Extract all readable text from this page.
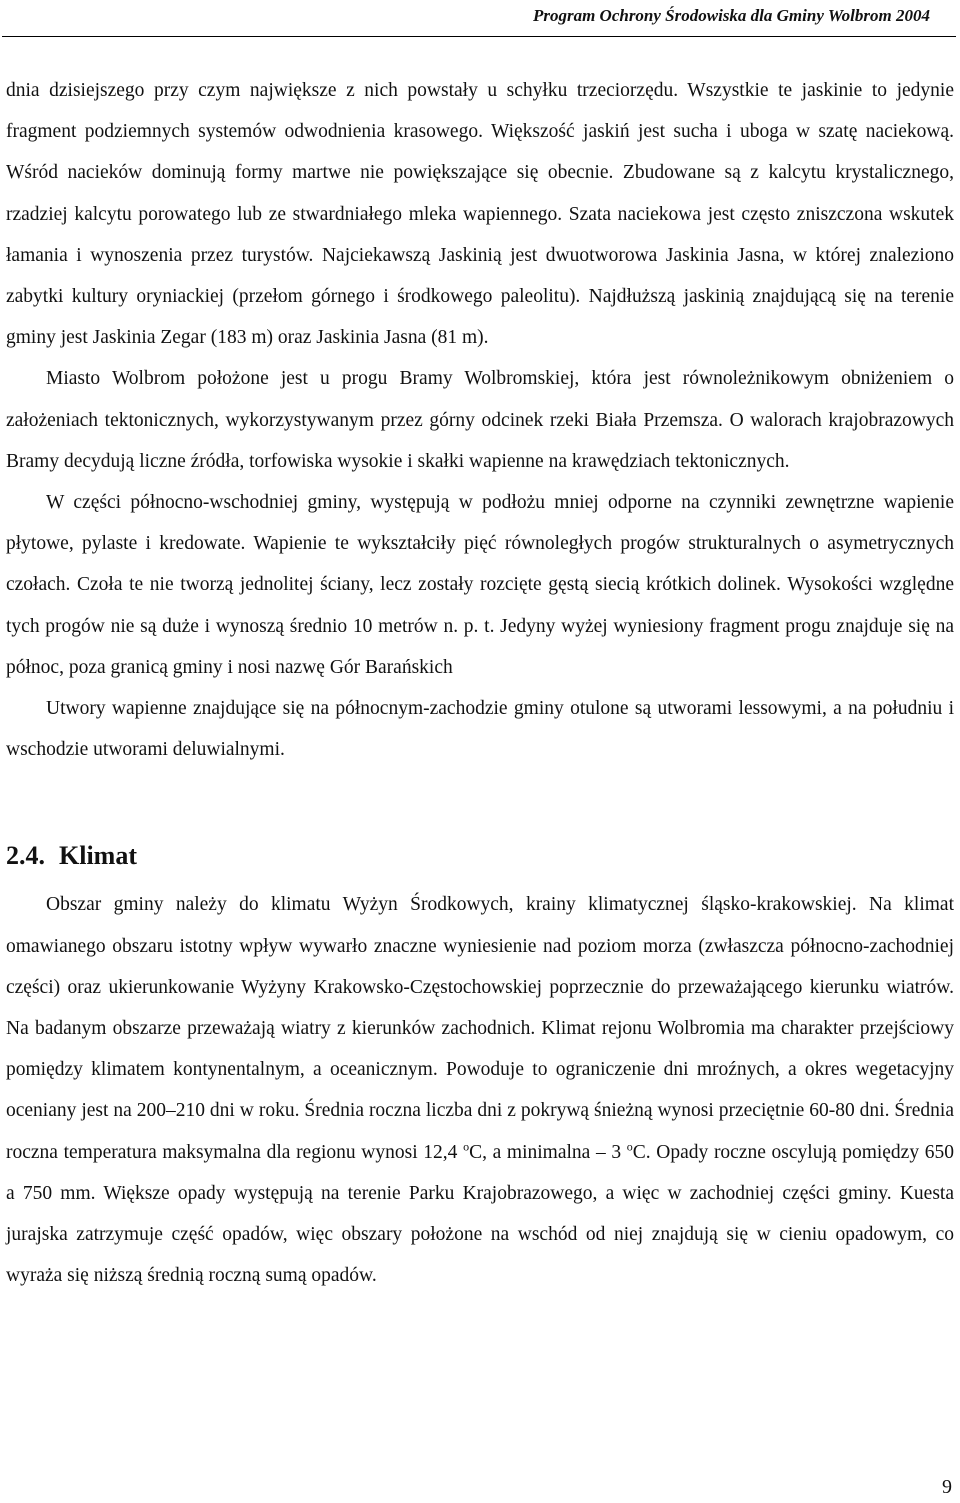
Program Ochrony Środowiska dla Gminy Wolbrom 2004

dnia dzisiejszego przy czym największe z nich powstały u schyłku trzeciorzędu. Wszystkie te jaskinie to jedynie fragment podziemnych systemów odwodnienia krasowego. Większość jaskiń jest sucha i uboga w szatę naciekową. Wśród nacieków dominują formy martwe nie powiększające się obecnie. Zbudowane są z kalcytu krystalicznego, rzadziej kalcytu porowatego lub ze stwardniałego mleka wapiennego. Szata naciekowa jest często zniszczona wskutek łamania i wynoszenia przez turystów. Najciekawszą Jaskinią jest dwuotworowa Jaskinia Jasna, w której znaleziono zabytki kultury oryniackiej (przełom górnego i środkowego paleolitu). Najdłuższą jaskinią znajdującą się na terenie gminy jest Jaskinia Zegar (183 m) oraz Jaskinia Jasna (81 m).

Miasto Wolbrom położone jest u progu Bramy Wolbromskiej, która jest równoleżnikowym obniżeniem o założeniach tektonicznych, wykorzystywanym przez górny odcinek rzeki Biała Przemsza. O walorach krajobrazowych Bramy decydują liczne źródła, torfowiska wysokie i skałki wapienne na krawędziach tektonicznych.

W części północno-wschodniej gminy, występują w podłożu mniej odporne na czynniki zewnętrzne wapienie płytowe, pylaste i kredowate. Wapienie te wykształciły pięć równoległych progów strukturalnych o asymetrycznych czołach. Czoła te nie tworzą jednolitej ściany, lecz zostały rozcięte gęstą siecią krótkich dolinek. Wysokości względne tych progów nie są duże i wynoszą średnio 10 metrów n. p. t. Jedyny wyżej wyniesiony fragment progu znajduje się na północ, poza granicą gminy i nosi nazwę Gór Barańskich

Utwory wapienne znajdujące się na północnym-zachodzie gminy otulone są utworami lessowymi, a na południu i wschodzie utworami deluwialnymi.

2.4. Klimat

Obszar gminy należy do klimatu Wyżyn Środkowych, krainy klimatycznej śląsko-krakowskiej. Na klimat omawianego obszaru istotny wpływ wywarło znaczne wyniesienie nad poziom morza (zwłaszcza północno-zachodniej części) oraz ukierunkowanie Wyżyny Krakowsko-Częstochowskiej poprzecznie do przeważającego kierunku wiatrów. Na badanym obszarze przeważają wiatry z kierunków zachodnich. Klimat rejonu Wolbromia ma charakter przejściowy pomiędzy klimatem kontynentalnym, a oceanicznym. Powoduje to ograniczenie dni mroźnych, a okres wegetacyjny oceniany jest na 200–210 dni w roku. Średnia roczna liczba dni z pokrywą śnieżną wynosi przeciętnie 60-80 dni. Średnia roczna temperatura maksymalna dla regionu wynosi 12,4 $^o$C, a minimalna – 3 $^o$C. Opady roczne oscylują pomiędzy 650 a 750 mm. Większe opady występują na terenie Parku Krajobrazowego, a więc w zachodniej części gminy. Kuesta jurajska zatrzymuje część opadów, więc obszary położone na wschód od niej znajdują się w cieniu opadowym, co wyraża się niższą średnią roczną sumą opadów.

9
